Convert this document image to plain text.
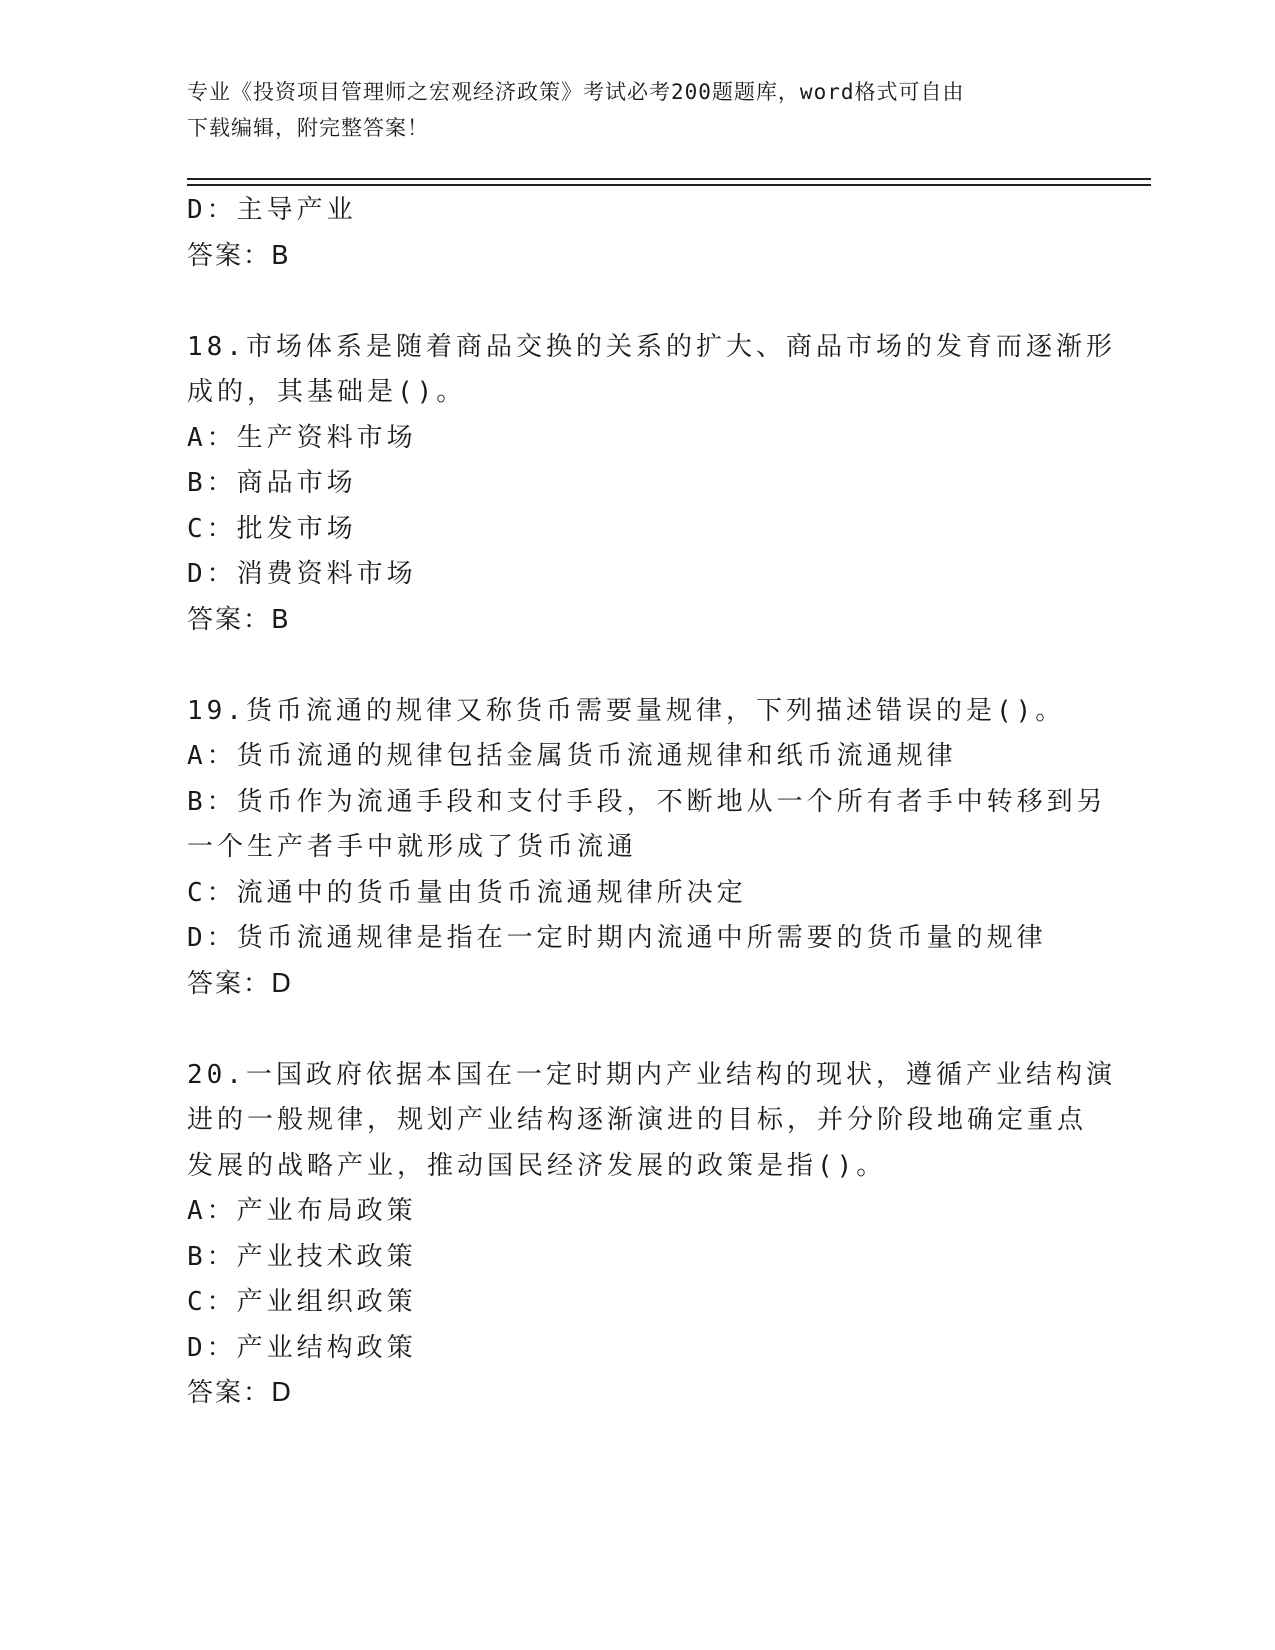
专业《投资项目管理师之宏观经济政策》考试必考200题题库，word格式可自由
下载编辑，附完整答案！
D：主导产业
答案：B
18.市场体系是随着商品交换的关系的扩大、商品市场的发育而逐渐形
成的，其基础是()。
A：生产资料市场
B：商品市场
C：批发市场
D：消费资料市场
答案：B
19.货币流通的规律又称货币需要量规律，下列描述错误的是()。
A：货币流通的规律包括金属货币流通规律和纸币流通规律
B：货币作为流通手段和支付手段，不断地从一个所有者手中转移到另
一个生产者手中就形成了货币流通
C：流通中的货币量由货币流通规律所决定
D：货币流通规律是指在一定时期内流通中所需要的货币量的规律
答案：D
20.一国政府依据本国在一定时期内产业结构的现状，遵循产业结构演
进的一般规律，规划产业结构逐渐演进的目标，并分阶段地确定重点
发展的战略产业，推动国民经济发展的政策是指()。
A：产业布局政策
B：产业技术政策
C：产业组织政策
D：产业结构政策
答案：D
